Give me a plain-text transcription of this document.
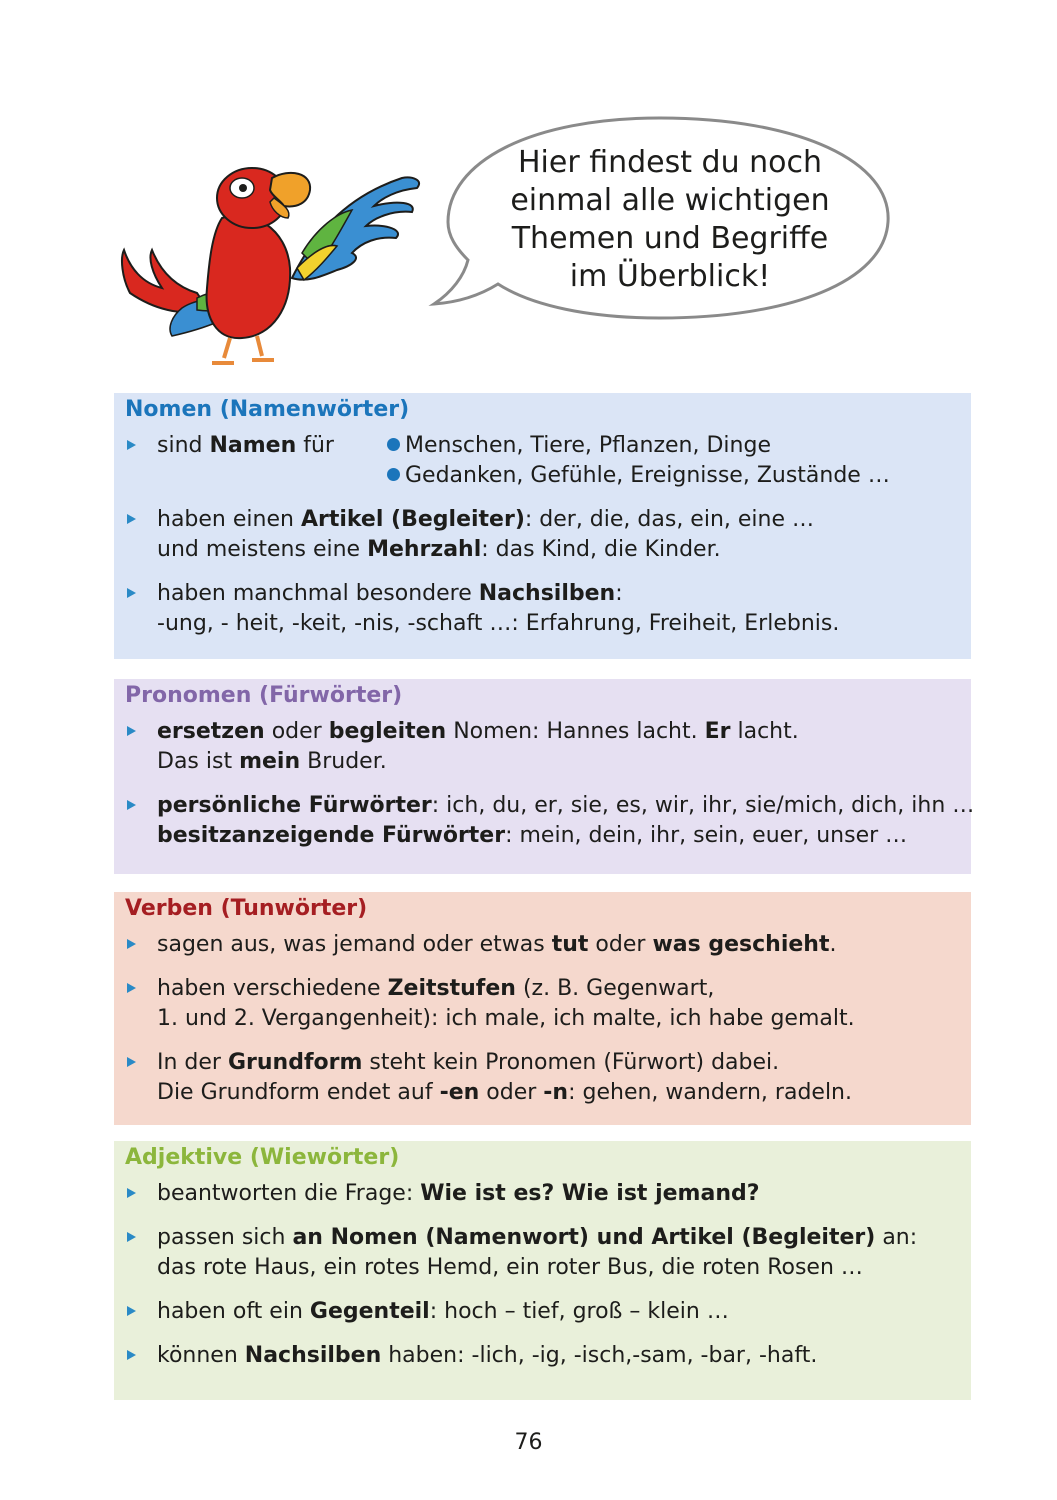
Hier findest du noch
einmal alle wichtigen
Themen und Begriffe
im Überblick!
Nomen (Namenwörter)
sind Namen für	Menschen, Tiere, Pflanzen, Dinge
Gedanken, Gefühle, Ereignisse, Zustände …
haben einen Artikel (Begleiter): der, die, das, ein, eine …
und meistens eine Mehrzahl: das Kind, die Kinder.
haben manchmal besondere Nachsilben:
-ung, - heit, -keit, -nis, -schaft …: Erfahrung, Freiheit, Erlebnis.
Pronomen (Fürwörter)
ersetzen oder begleiten Nomen: Hannes lacht. Er lacht.
Das ist mein Bruder.
persönliche Fürwörter: ich, du, er, sie, es, wir, ihr, sie/mich, dich, ihn …
besitzanzeigende Fürwörter: mein, dein, ihr, sein, euer, unser …
Verben (Tunwörter)
sagen aus, was jemand oder etwas tut oder was geschieht.
haben verschiedene Zeitstufen (z. B. Gegenwart,
1. und 2. Vergangenheit): ich male, ich malte, ich habe gemalt.
In der Grundform steht kein Pronomen (Fürwort) dabei.
Die Grundform endet auf -en oder -n: gehen, wandern, radeln.
Adjektive (Wiewörter)
beantworten die Frage: Wie ist es? Wie ist jemand?
passen sich an Nomen (Namenwort) und Artikel (Begleiter) an:
das rote Haus, ein rotes Hemd, ein roter Bus, die roten Rosen …
haben oft ein Gegenteil: hoch – tief, groß – klein …
können Nachsilben haben: -lich, -ig, -isch,-sam, -bar, -haft.
76
